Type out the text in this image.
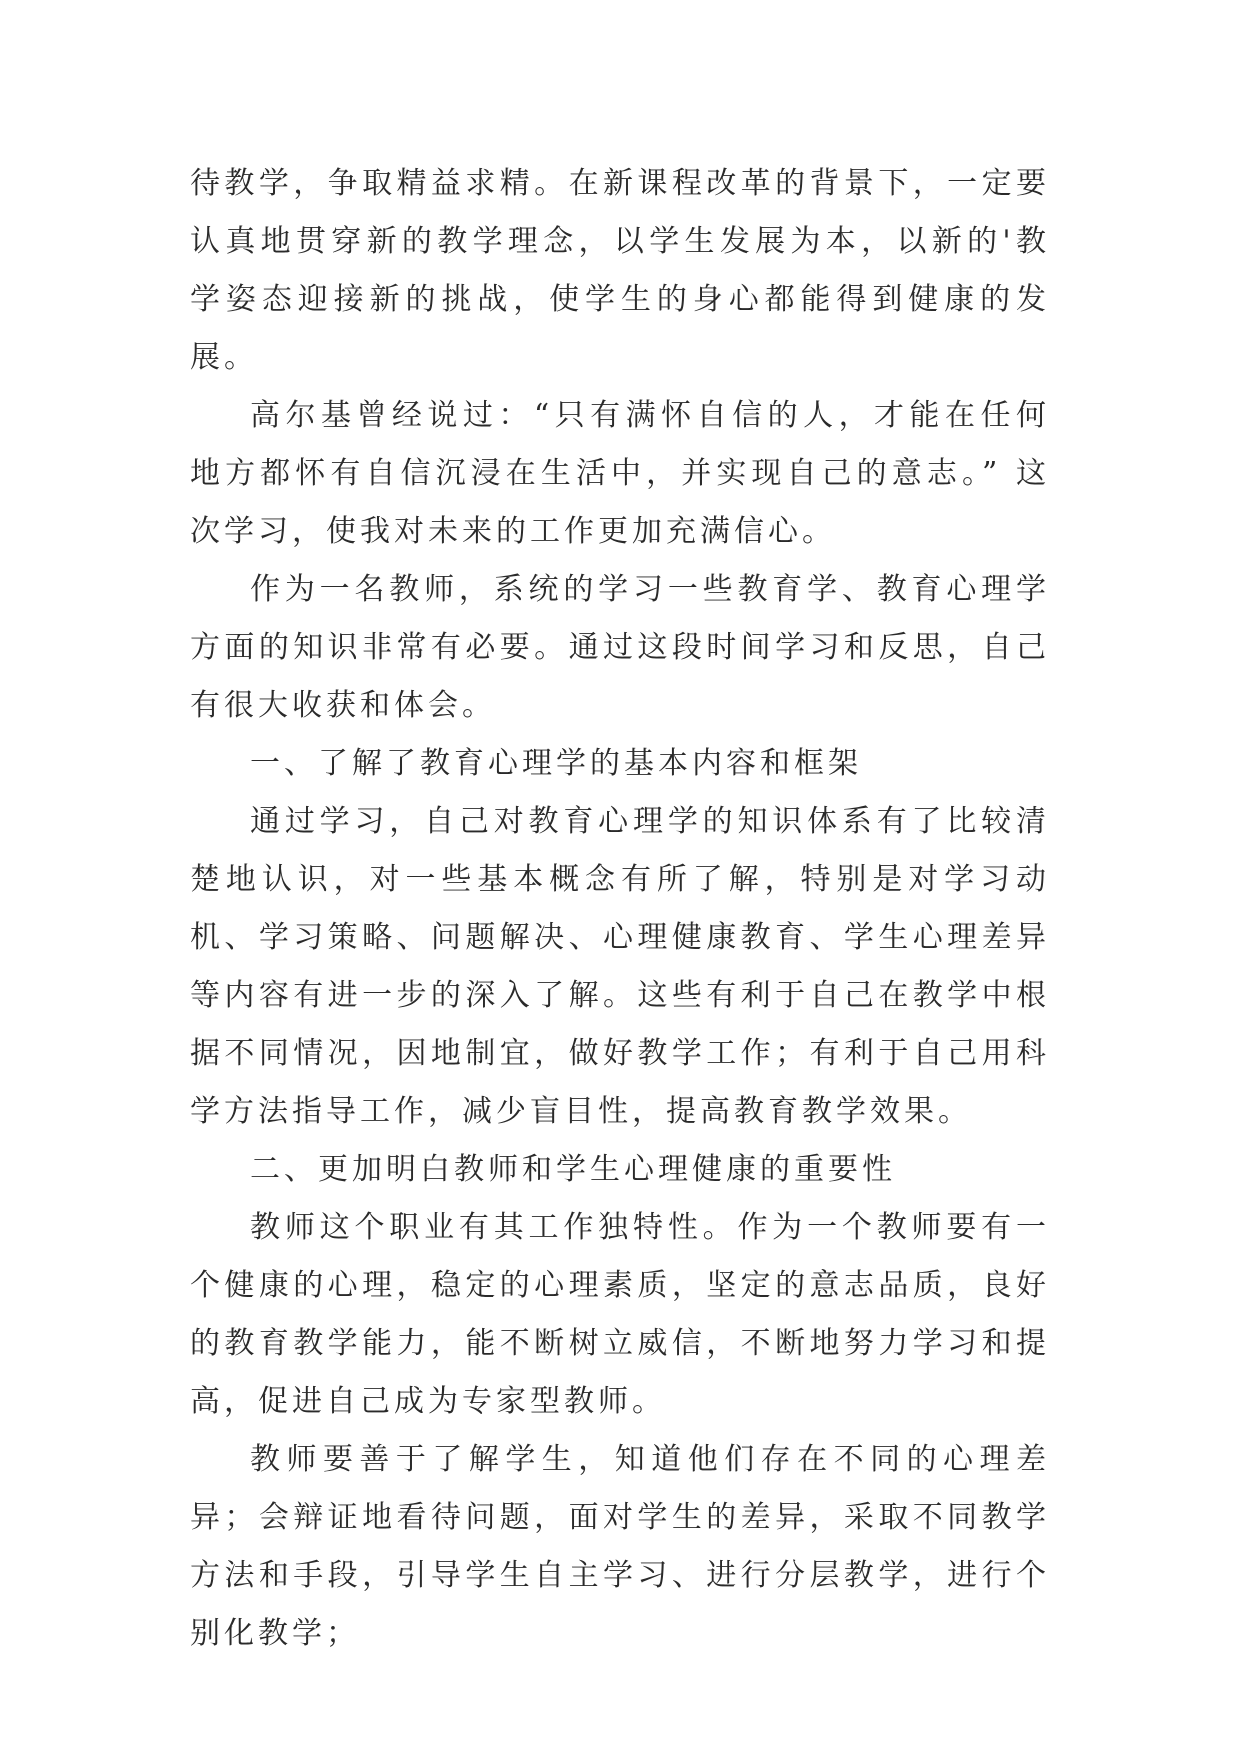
待教学，争取精益求精。在新课程改革的背景下，一定要认真地贯穿新的教学理念，以学生发展为本，以新的'教学姿态迎接新的挑战，使学生的身心都能得到健康的发展。

高尔基曾经说过：“只有满怀自信的人，才能在任何地方都怀有自信沉浸在生活中，并实现自己的意志。” 这次学习，使我对未来的工作更加充满信心。

作为一名教师，系统的学习一些教育学、教育心理学方面的知识非常有必要。通过这段时间学习和反思，自己有很大收获和体会。

一、了解了教育心理学的基本内容和框架

通过学习，自己对教育心理学的知识体系有了比较清楚地认识，对一些基本概念有所了解，特别是对学习动机、学习策略、问题解决、心理健康教育、学生心理差异等内容有进一步的深入了解。这些有利于自己在教学中根据不同情况，因地制宜，做好教学工作；有利于自己用科学方法指导工作，减少盲目性，提高教育教学效果。

二、更加明白教师和学生心理健康的重要性

教师这个职业有其工作独特性。作为一个教师要有一个健康的心理，稳定的心理素质，坚定的意志品质，良好的教育教学能力，能不断树立威信，不断地努力学习和提高，促进自己成为专家型教师。

教师要善于了解学生，知道他们存在不同的心理差异；会辩证地看待问题，面对学生的差异，采取不同教学方法和手段，引导学生自主学习、进行分层教学，进行个别化教学；
